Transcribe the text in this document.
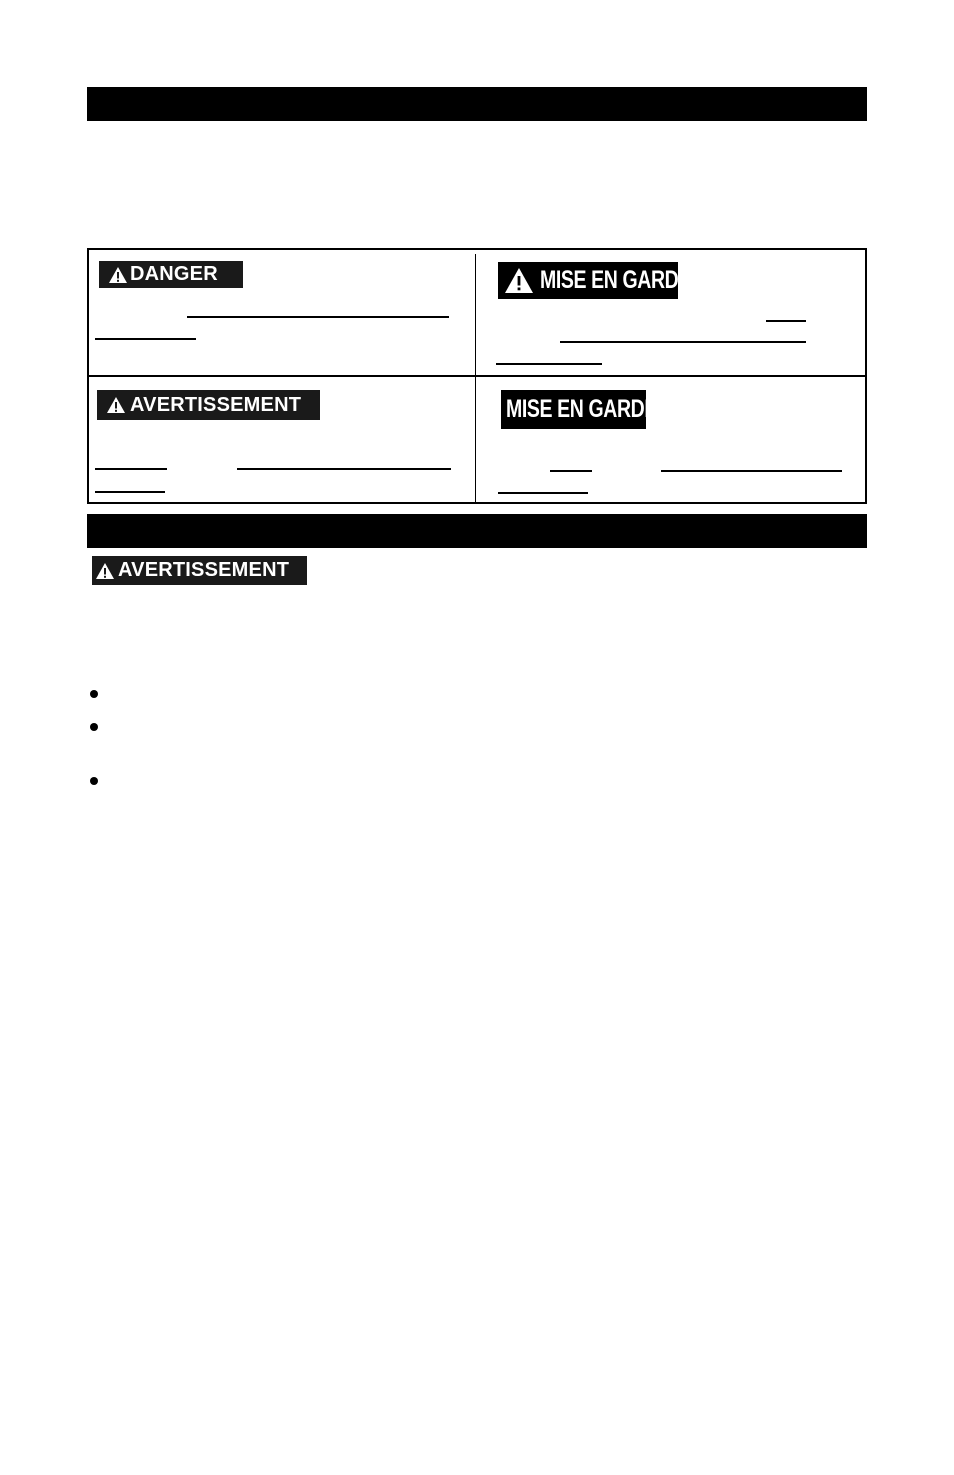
DANGER	MISE EN GARDE
AVERTISSEMENT	MISE EN GARDE
AVERTISSEMENT
